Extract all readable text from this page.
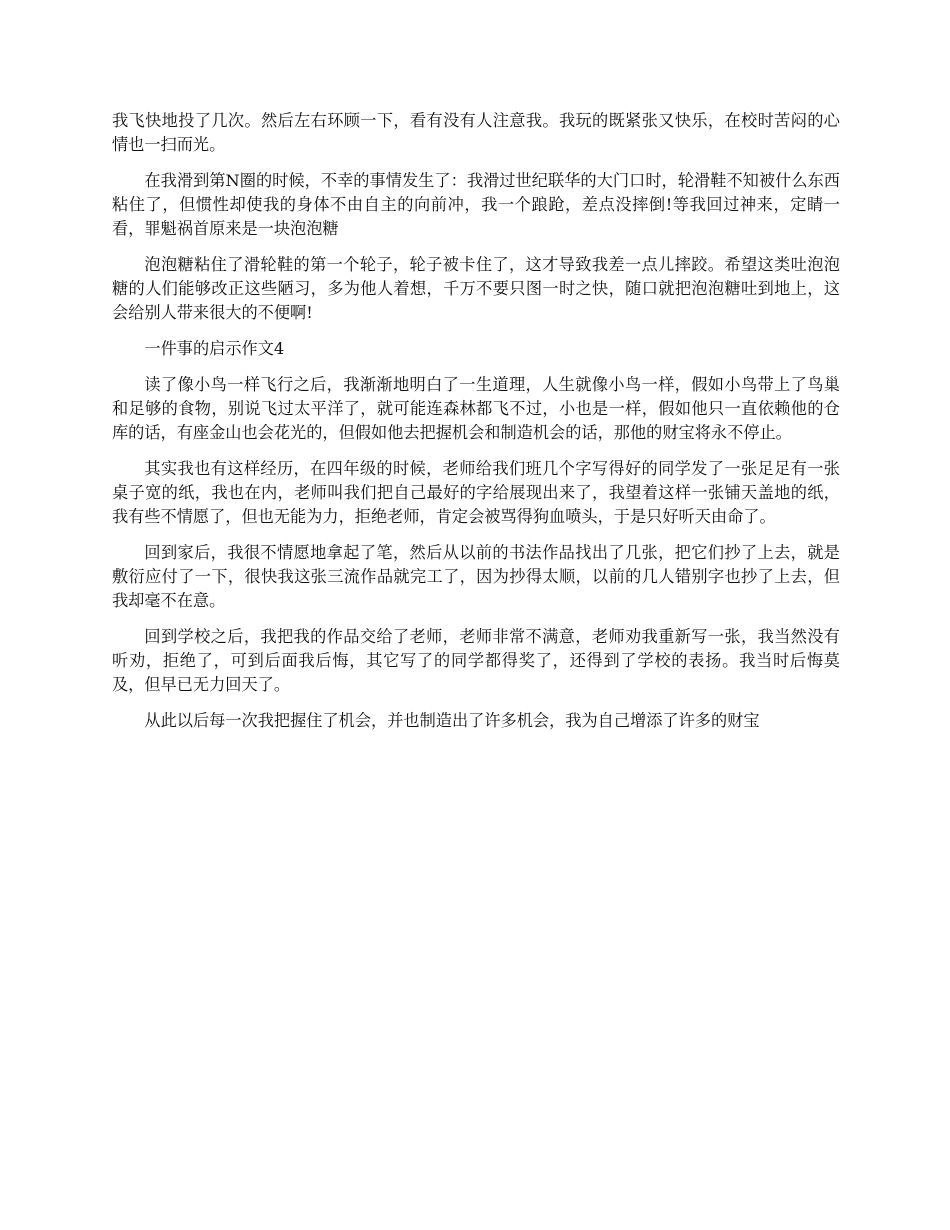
我飞快地投了几次。然后左右环顾一下，看有没有人注意我。我玩的既紧张又快乐，在校时苦闷的心情也一扫而光。

在我滑到第N圈的时候，不幸的事情发生了：我滑过世纪联华的大门口时，轮滑鞋不知被什么东西粘住了，但惯性却使我的身体不由自主的向前冲，我一个踉跄，差点没摔倒!等我回过神来，定睛一看，罪魁祸首原来是一块泡泡糖

泡泡糖粘住了滑轮鞋的第一个轮子，轮子被卡住了，这才导致我差一点儿摔跤。希望这类吐泡泡糖的人们能够改正这些陋习，多为他人着想，千万不要只图一时之快，随口就把泡泡糖吐到地上，这会给别人带来很大的不便啊!

一件事的启示作文4

读了像小鸟一样飞行之后，我渐渐地明白了一生道理，人生就像小鸟一样，假如小鸟带上了鸟巢和足够的食物，别说飞过太平洋了，就可能连森林都飞不过，小也是一样，假如他只一直依赖他的仓库的话，有座金山也会花光的，但假如他去把握机会和制造机会的话，那他的财宝将永不停止。

其实我也有这样经历，在四年级的时候，老师给我们班几个字写得好的同学发了一张足足有一张桌子宽的纸，我也在内，老师叫我们把自己最好的字给展现出来了，我望着这样一张铺天盖地的纸，我有些不情愿了，但也无能为力，拒绝老师，肯定会被骂得狗血喷头，于是只好听天由命了。

回到家后，我很不情愿地拿起了笔，然后从以前的书法作品找出了几张，把它们抄了上去，就是敷衍应付了一下，很快我这张三流作品就完工了，因为抄得太顺，以前的几人错别字也抄了上去，但我却毫不在意。

回到学校之后，我把我的作品交给了老师，老师非常不满意，老师劝我重新写一张，我当然没有听劝，拒绝了，可到后面我后悔，其它写了的同学都得奖了，还得到了学校的表扬。我当时后悔莫及，但早已无力回天了。

从此以后每一次我把握住了机会，并也制造出了许多机会，我为自己增添了许多的财宝
